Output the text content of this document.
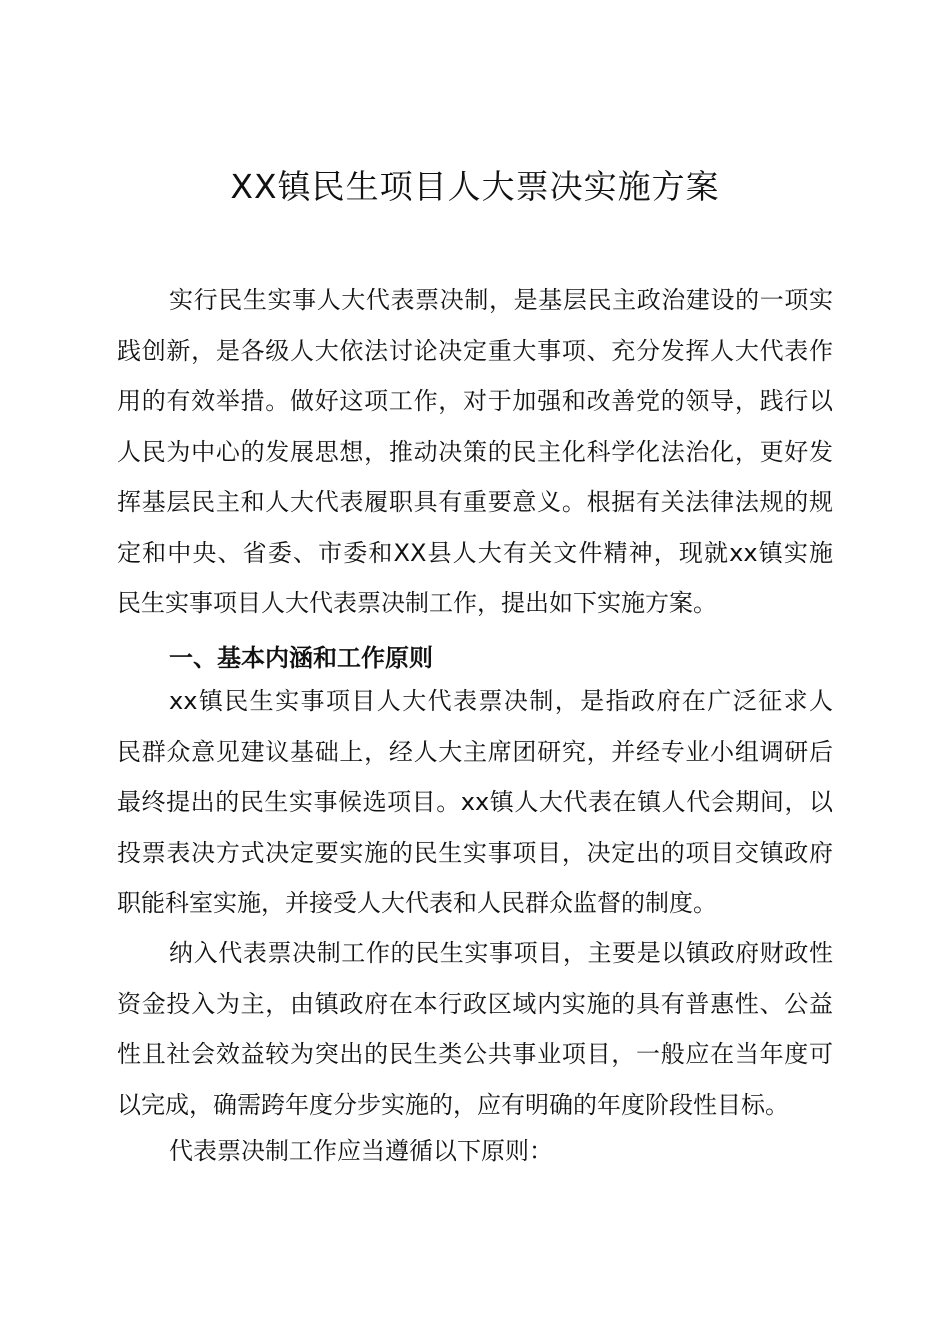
XX镇民生项目人大票决实施方案
实行民生实事人大代表票决制，是基层民主政治建设的一项实
践创新，是各级人大依法讨论决定重大事项、充分发挥人大代表作
用的有效举措。做好这项工作，对于加强和改善党的领导，践行以
人民为中心的发展思想，推动决策的民主化科学化法治化，更好发
挥基层民主和人大代表履职具有重要意义。根据有关法律法规的规
定和中央、省委、市委和XX县人大有关文件精神，现就xx镇实施
民生实事项目人大代表票决制工作，提出如下实施方案。
一、基本内涵和工作原则
xx镇民生实事项目人大代表票决制，是指政府在广泛征求人
民群众意见建议基础上，经人大主席团研究，并经专业小组调研后
最终提出的民生实事候选项目。xx镇人大代表在镇人代会期间，以
投票表决方式决定要实施的民生实事项目，决定出的项目交镇政府
职能科室实施，并接受人大代表和人民群众监督的制度。
纳入代表票决制工作的民生实事项目，主要是以镇政府财政性
资金投入为主，由镇政府在本行政区域内实施的具有普惠性、公益
性且社会效益较为突出的民生类公共事业项目，一般应在当年度可
以完成，确需跨年度分步实施的，应有明确的年度阶段性目标。

代表票决制工作应当遵循以下原则：
